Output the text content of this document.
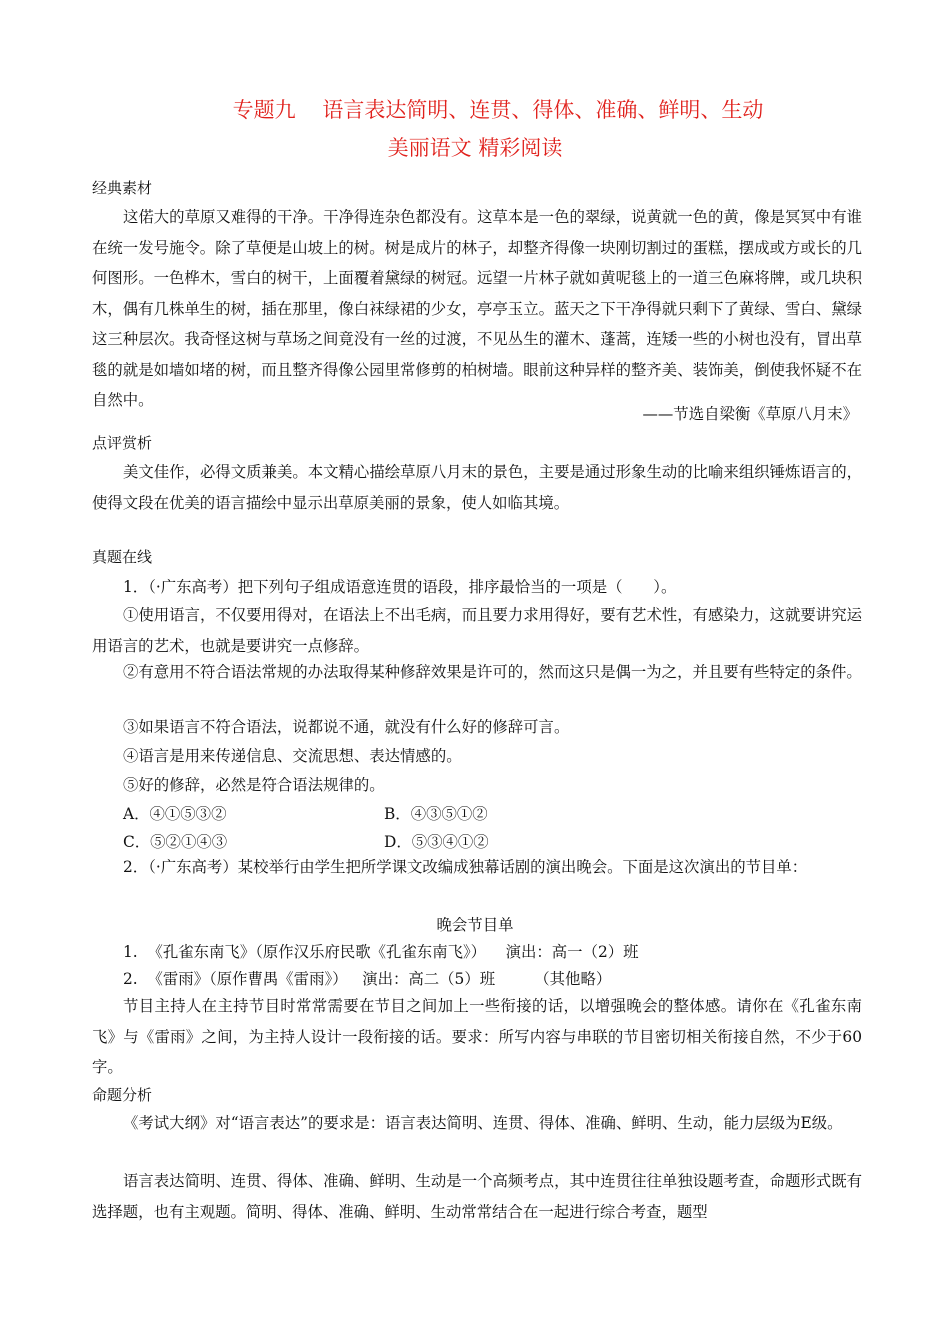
专题九    语言表达简明、连贯、得体、准确、鲜明、生动
美丽语文 精彩阅读
经典素材

这偌大的草原又难得的干净。干净得连杂色都没有。这草本是一色的翠绿，说黄就一色的黄，像是冥冥中有谁在统一发号施令。除了草便是山坡上的树。树是成片的林子，却整齐得像一块刚切割过的蛋糕，摆成或方或长的几何图形。一色桦木，雪白的树干，上面覆着黛绿的树冠。远望一片林子就如黄呢毯上的一道三色麻将牌，或几块积木，偶有几株单生的树，插在那里，像白袜绿裙的少女，亭亭玉立。蓝天之下干净得就只剩下了黄绿、雪白、黛绿这三种层次。我奇怪这树与草场之间竟没有一丝的过渡，不见丛生的灌木、蓬蒿，连矮一些的小树也没有，冒出草毯的就是如墙如堵的树，而且整齐得像公园里常修剪的柏树墙。眼前这种异样的整齐美、装饰美，倒使我怀疑不在自然中。

——节选自梁衡《草原八月末》
点评赏析

美文佳作，必得文质兼美。本文精心描绘草原八月末的景色，主要是通过形象生动的比喻来组织锤炼语言的，使得文段在优美的语言描绘中显示出草原美丽的景象，使人如临其境。

真题在线
1．（·广东高考）把下列句子组成语意连贯的语段，排序最恰当的一项是（　　）。

①使用语言，不仅要用得对，在语法上不出毛病，而且要力求用得好，要有艺术性，有感染力，这就要讲究运用语言的艺术，也就是要讲究一点修辞。

②有意用不符合语法常规的办法取得某种修辞效果是许可的，然而这只是偶一为之，并且要有些特定的条件。

③如果语言不符合语法，说都说不通，就没有什么好的修辞可言。
④语言是用来传递信息、交流思想、表达情感的。
⑤好的修辞，必然是符合语法规律的。
A．④①⑤③②	B．④③⑤①②
C．⑤②①④③	D．⑤③④①②

2．（·广东高考）某校举行由学生把所学课文改编成独幕话剧的演出晚会。下面是这次演出的节目单：

晚会节目单
1.  《孔雀东南飞》（原作汉乐府民歌《孔雀东南飞》）    演出：高一（2）班
2.  《雷雨》（原作曹禺《雷雨》）   演出：高二（5）班        （其他略）

节目主持人在主持节目时常常需要在节目之间加上一些衔接的话，以增强晚会的整体感。请你在《孔雀东南飞》与《雷雨》之间，为主持人设计一段衔接的话。要求：所写内容与串联的节目密切相关衔接自然，不少于60字。

命题分析

《考试大纲》对“语言表达”的要求是：语言表达简明、连贯、得体、准确、鲜明、生动，能力层级为E级。

语言表达简明、连贯、得体、准确、鲜明、生动是一个高频考点，其中连贯往往单独设题考查，命题形式既有选择题，也有主观题。简明、得体、准确、鲜明、生动常常结合在一起进行综合考查，题型
